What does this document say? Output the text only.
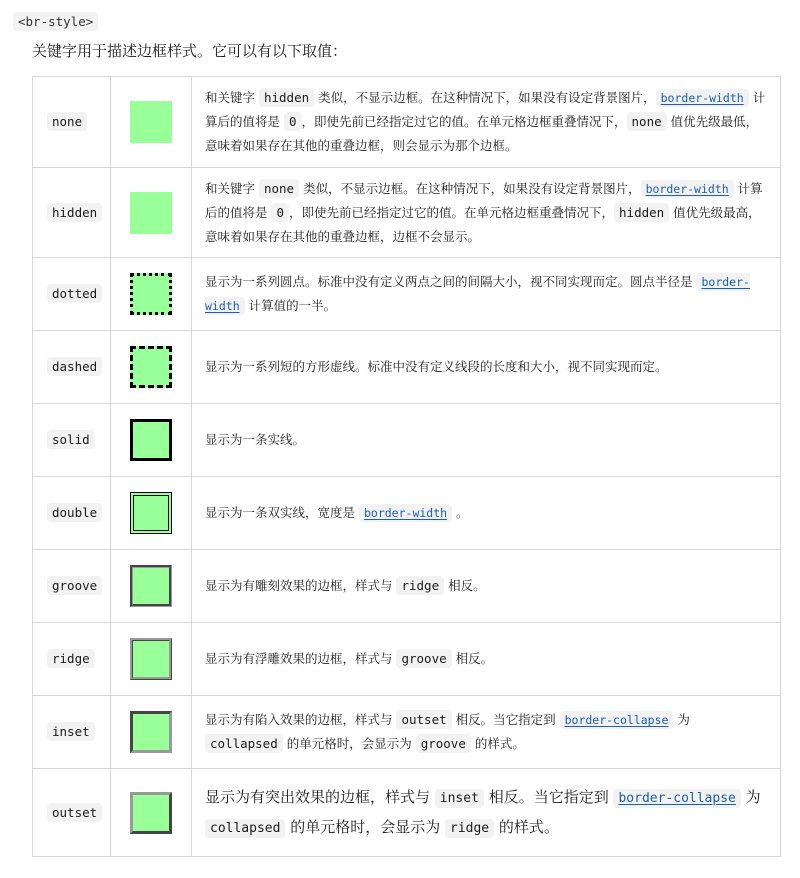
<br-style>

关键字用于描述边框样式。它可以有以下取值：

none		和关键字 hidden 类似，不显示边框。在这种情况下，如果没有设定背景图片， border-width 计算后的值将是 0 ，即使先前已经指定过它的值。在单元格边框重叠情况下， none 值优先级最低，意味着如果存在其他的重叠边框，则会显示为那个边框。
hidden		和关键字 none 类似，不显示边框。在这种情况下，如果没有设定背景图片， border-width 计算后的值将是 0 ，即使先前已经指定过它的值。在单元格边框重叠情况下， hidden 值优先级最高，意味着如果存在其他的重叠边框，边框不会显示。
dotted		显示为一系列圆点。标准中没有定义两点之间的间隔大小，视不同实现而定。圆点半径是 border-width 计算值的一半。
dashed		显示为一系列短的方形虚线。标准中没有定义线段的长度和大小，视不同实现而定。
solid		显示为一条实线。
double		显示为一条双实线，宽度是 border-width 。
groove		显示为有雕刻效果的边框，样式与 ridge 相反。
ridge		显示为有浮雕效果的边框，样式与 groove 相反。
inset		显示为有陷入效果的边框，样式与 outset 相反。当它指定到 border-collapse 为 collapsed 的单元格时，会显示为 groove 的样式。
outset		显示为有突出效果的边框，样式与 inset 相反。当它指定到 border-collapse 为 collapsed 的单元格时，会显示为 ridge 的样式。
